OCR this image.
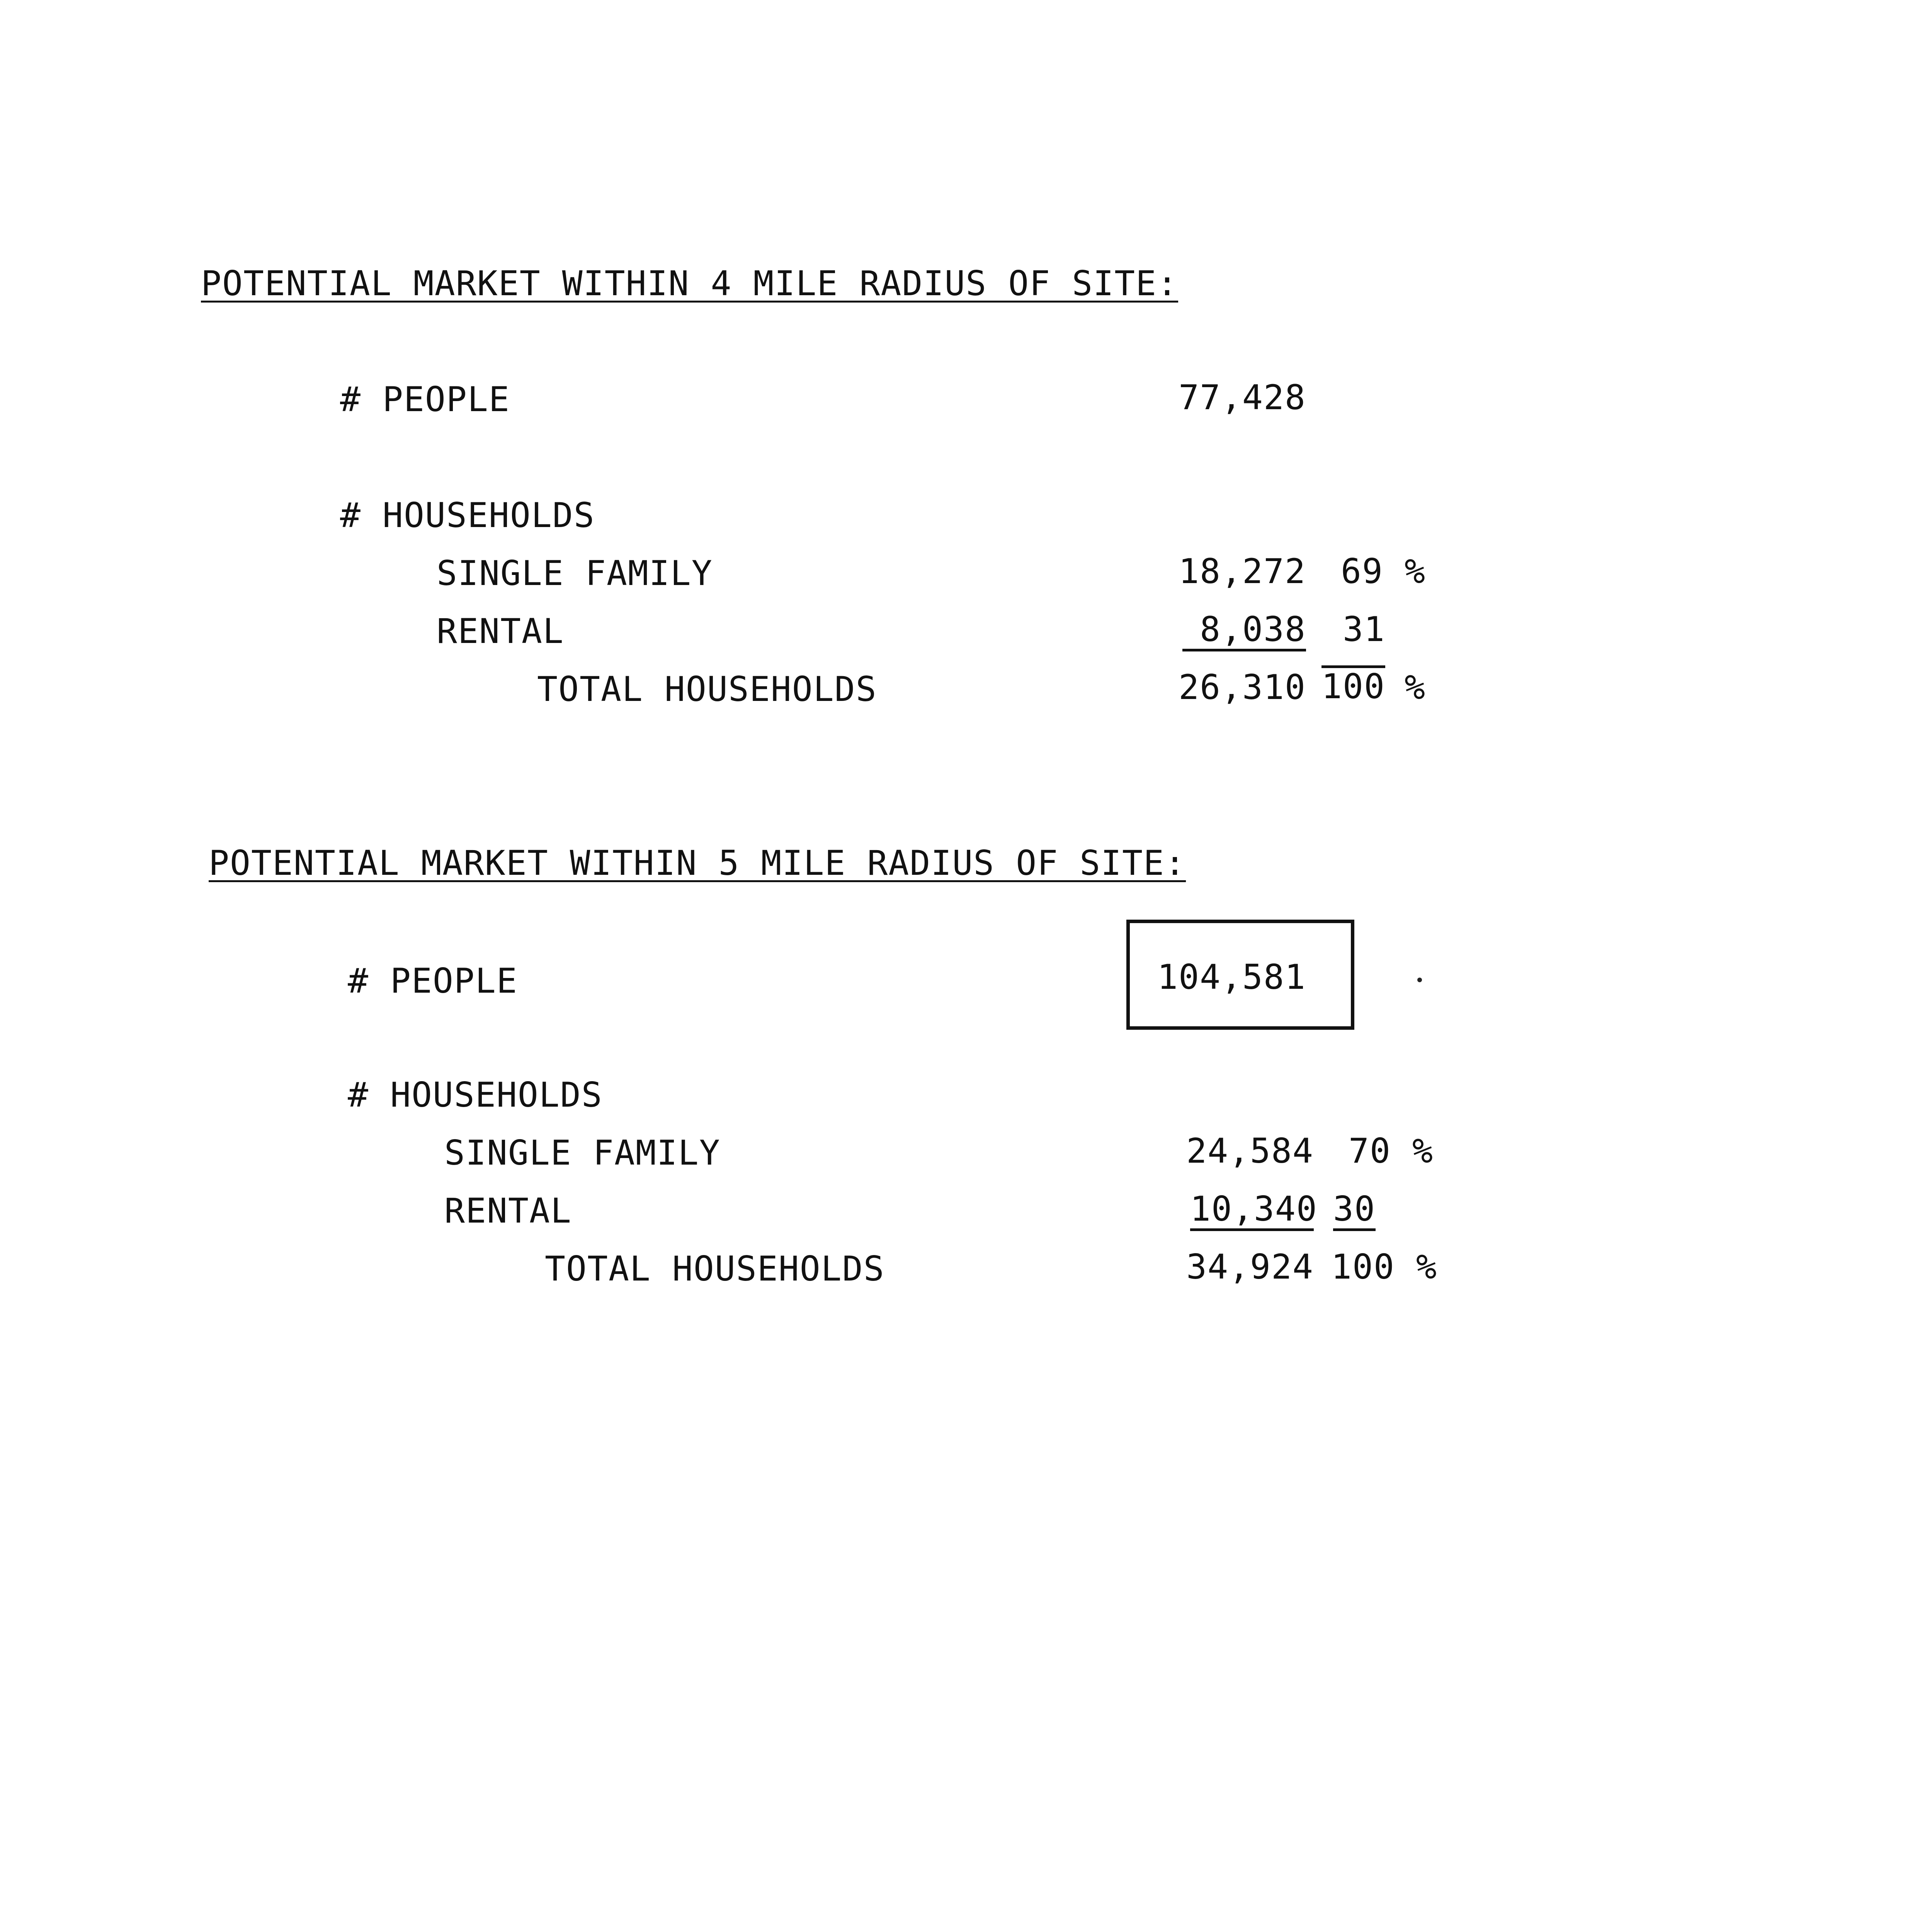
POTENTIAL MARKET WITHIN 4 MILE RADIUS OF SITE:
# PEOPLE	77,428
# HOUSEHOLDS
SINGLE FAMILY	18,272 69 %
RENTAL	8,038 31
TOTAL HOUSEHOLDS	26,310 100 %
POTENTIAL MARKET WITHIN 5 MILE RADIUS OF SITE:
# PEOPLE	104,581
# HOUSEHOLDS
SINGLE FAMILY	24,584 70 %
RENTAL	10,340 30
TOTAL HOUSEHOLDS	34,924 100 %
